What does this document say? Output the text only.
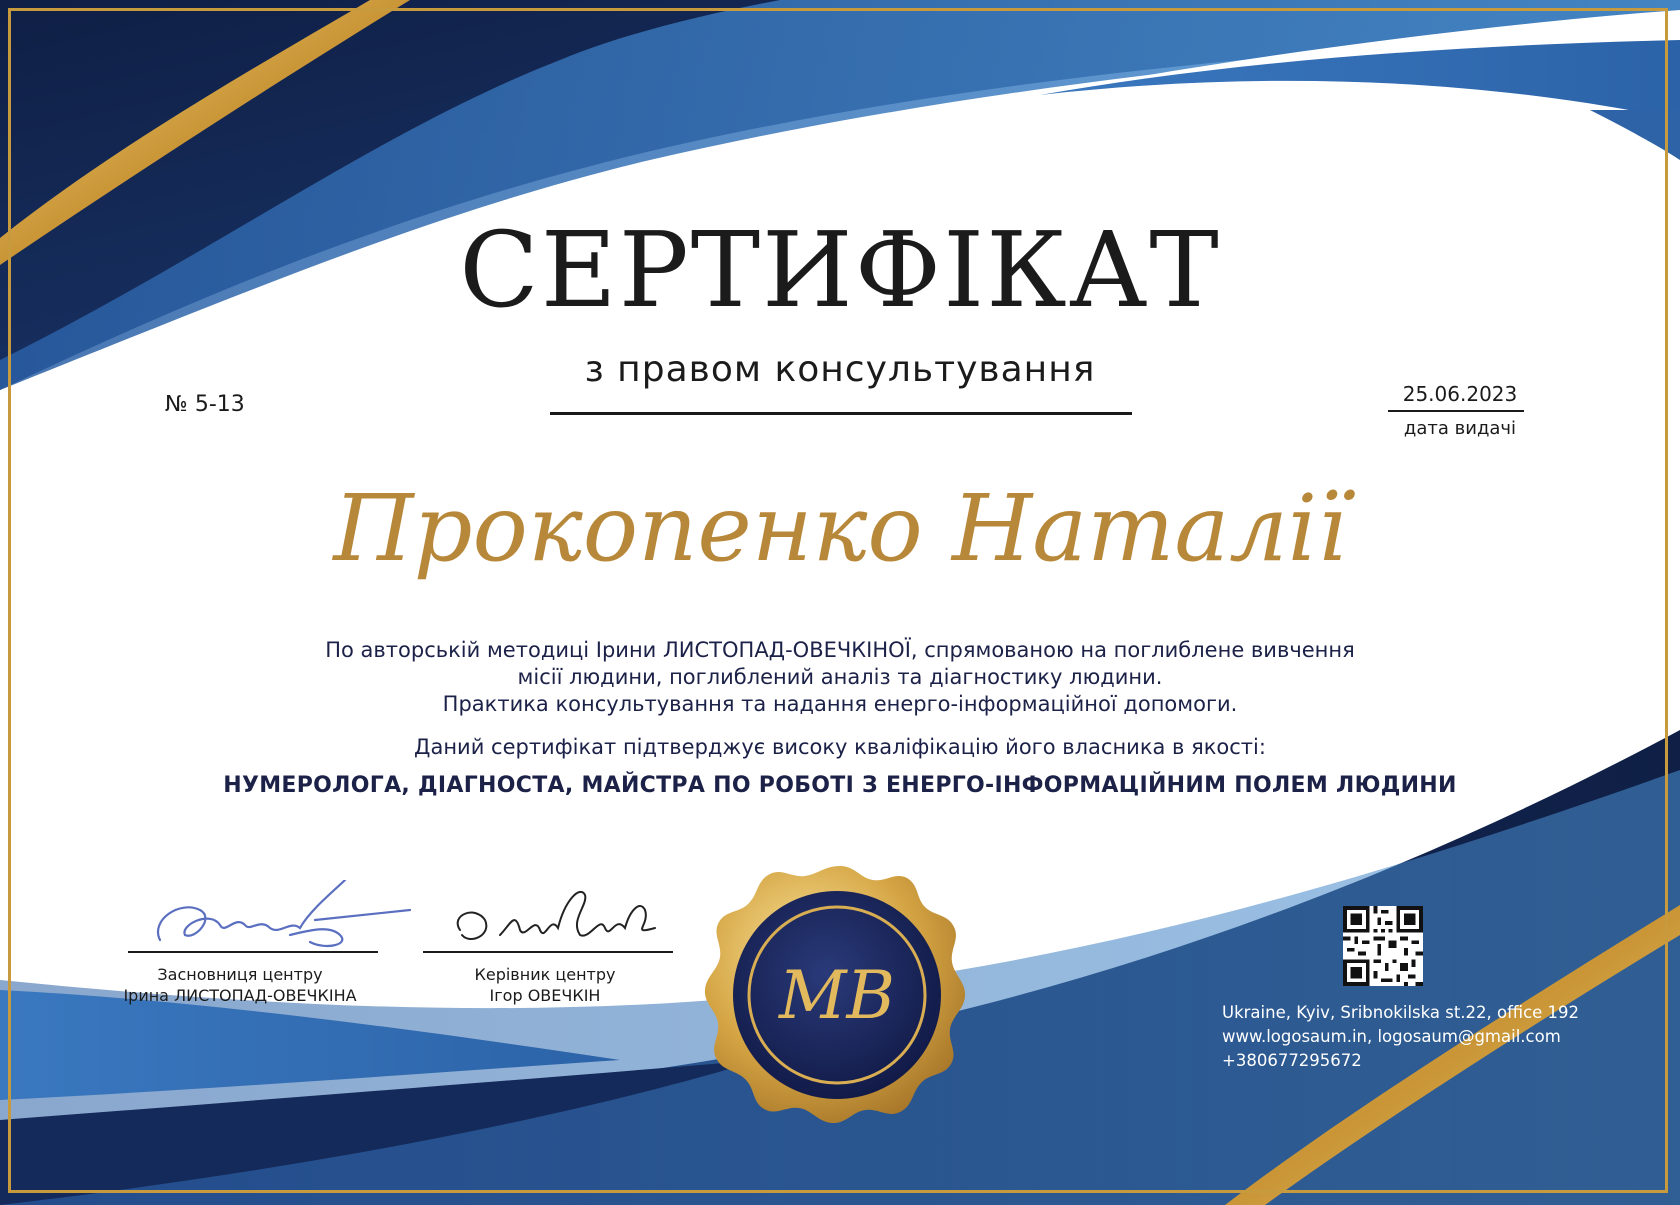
СЕРТИФІКАТ
з правом консультування
№ 5-13	25.06.2023
дата видачі
Прокопенко Наталії
По авторській методиці Ірини ЛИСТОПАД-ОВЕЧКІНОЇ, спрямованою на поглиблене вивчення
місії людини, поглиблений аналіз та діагностику людини.
Практика консультування та надання енерго-інформаційної допомоги.
Даний сертифікат підтверджує високу кваліфікацію його власника в якості:
НУМЕРОЛОГА, ДІАГНОСТА, МАЙСТРА ПО РОБОТІ З ЕНЕРГО-ІНФОРМАЦІЙНИМ ПОЛЕМ ЛЮДИНИ
Засновниця центру
Ірина ЛИСТОПАД-ОВЕЧКІНА
Керівник центру
Ігор ОВЕЧКІН	МВ	Ukraine, Kyiv, Sribnokilska st.22, office 192
www.logosaum.in, logosaum@gmail.com
+380677295672
